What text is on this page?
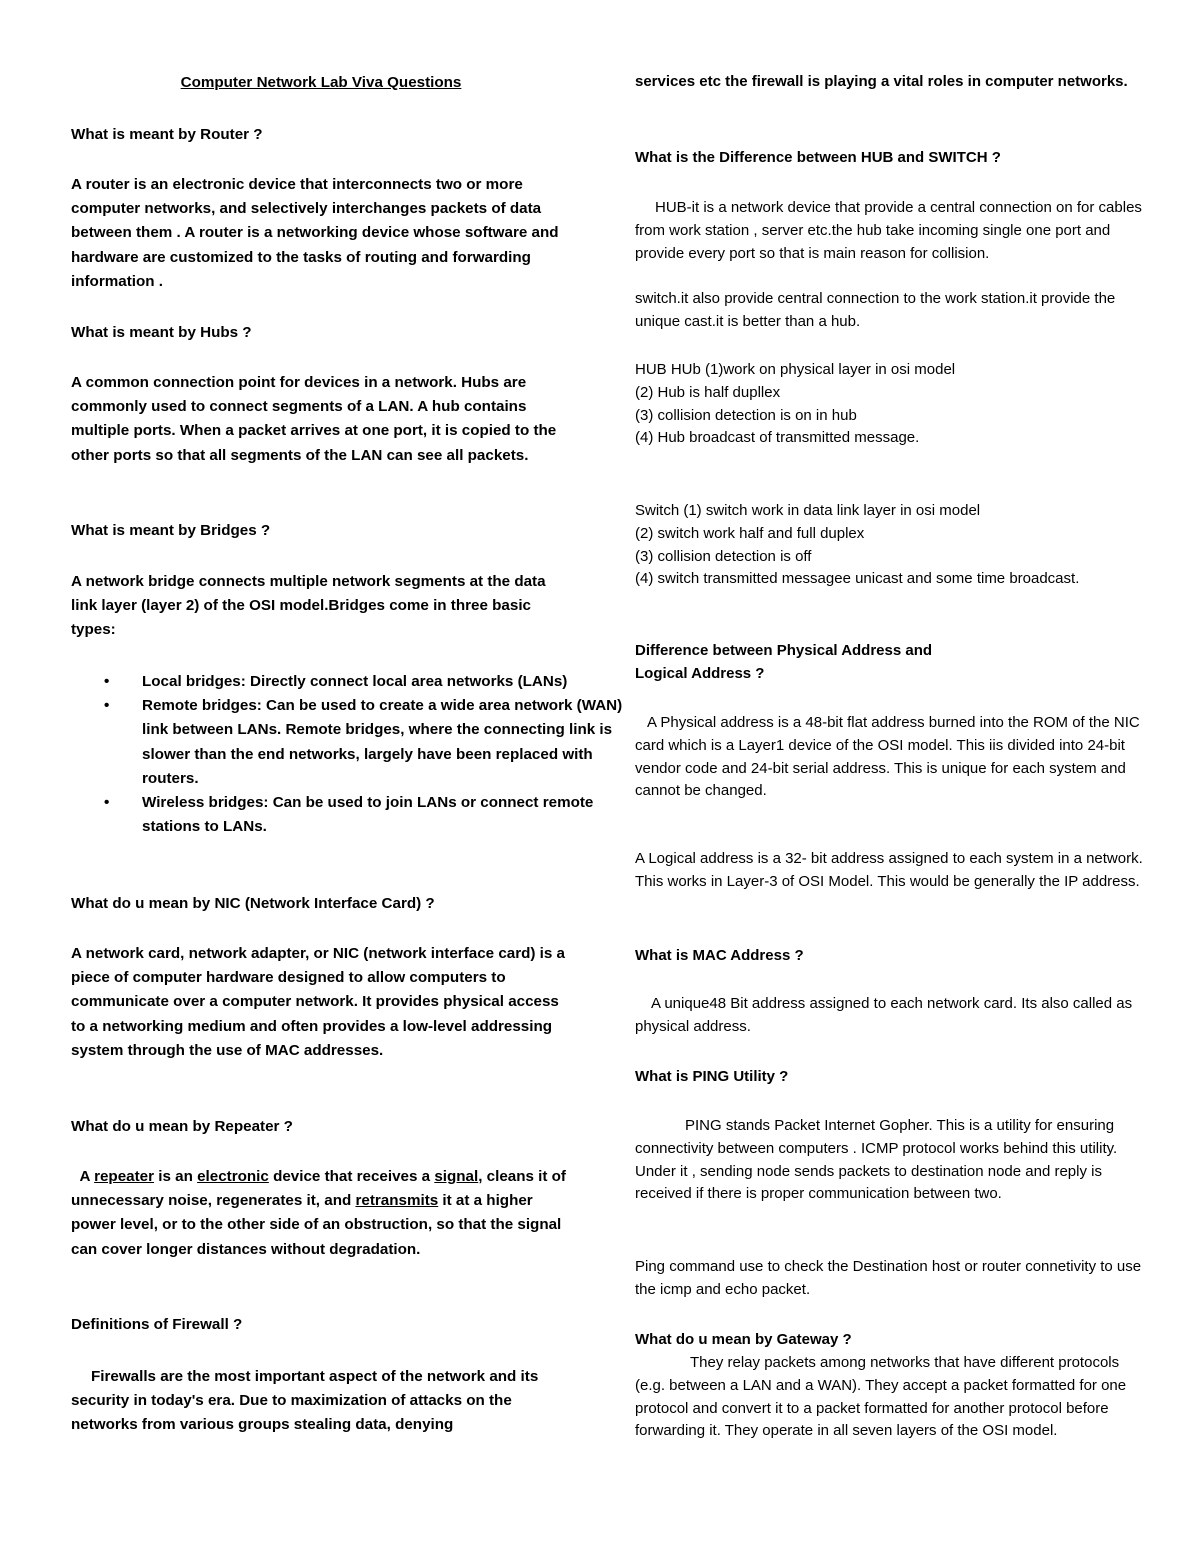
Computer Network Lab Viva Questions

What is meant by Router ?

A router is an electronic device that interconnects two or more computer networks, and selectively interchanges packets of data between them . A router is a networking device whose software and hardware are customized to the tasks of routing and forwarding information .

What is meant by Hubs ?

A common connection point for devices in a network. Hubs are commonly used to connect segments of a LAN. A hub contains multiple ports. When a packet arrives at one port, it is copied to the other ports so that all segments of the LAN can see all packets.

What is meant by Bridges ?

A network bridge connects multiple network segments at the data link layer (layer 2) of the OSI model.Bridges come in three basic types:

• Local bridges: Directly connect local area networks (LANs)
• Remote bridges: Can be used to create a wide area network (WAN) link between LANs. Remote bridges, where the connecting link is slower than the end networks, largely have been replaced with routers.
• Wireless bridges: Can be used to join LANs or connect remote stations to LANs.

What do u mean by NIC (Network Interface Card) ?

A network card, network adapter, or NIC (network interface card) is a piece of computer hardware designed to allow computers to communicate over a computer network. It provides physical access to a networking medium and often provides a low-level addressing system through the use of MAC addresses.

What do u mean by Repeater ?

A repeater is an electronic device that receives a signal, cleans it of unnecessary noise, regenerates it, and retransmits it at a higher power level, or to the other side of an obstruction, so that the signal can cover longer distances without degradation.

Definitions of Firewall ?

Firewalls are the most important aspect of the network and its security in today's era. Due to maximization of attacks on the networks from various groups stealing data, denying

services etc the firewall is playing a vital roles in computer networks.

What is the Difference between HUB and SWITCH ?

HUB-it is a network device that provide a central connection on for cables from work station , server etc.the hub take incoming single one port and provide every port so that is main reason for collision.

switch.it also provide central connection to the work station.it provide the unique cast.it is better than a hub.

HUB HUb (1)work on physical layer in osi model
(2) Hub is half dupllex
(3) collision detection is on in hub
(4) Hub broadcast of transmitted message.
Switch (1) switch work in data link layer in osi model
(2) switch work half and full duplex
(3) collision detection is off
(4) switch transmitted messagee unicast and some time broadcast.

Difference between Physical Address and
Logical Address ?

A Physical address is a 48-bit flat address burned into the ROM of the NIC card which is a Layer1 device of the OSI model. This iis divided into 24-bit vendor code and 24-bit serial address. This is unique for each system and cannot be changed.

A Logical address is a 32- bit address assigned to each system in a network. This works in Layer-3 of OSI Model. This would be generally the IP address.

What is MAC Address ?

A unique48 Bit address assigned to each network card. Its also called as physical address.

What is PING Utility ?

PING stands Packet Internet Gopher. This is a utility for ensuring connectivity between computers . ICMP protocol works behind this utility. Under it , sending node sends packets to destination node and reply is received if there is proper communication between two.

Ping command use to check the Destination host or router connetivity to use the icmp and echo packet.

What do u mean by Gateway ?

They relay packets among networks that have different protocols (e.g. between a LAN and a WAN). They accept a packet formatted for one protocol and convert it to a packet formatted for another protocol before forwarding it. They operate in all seven layers of the OSI model.
